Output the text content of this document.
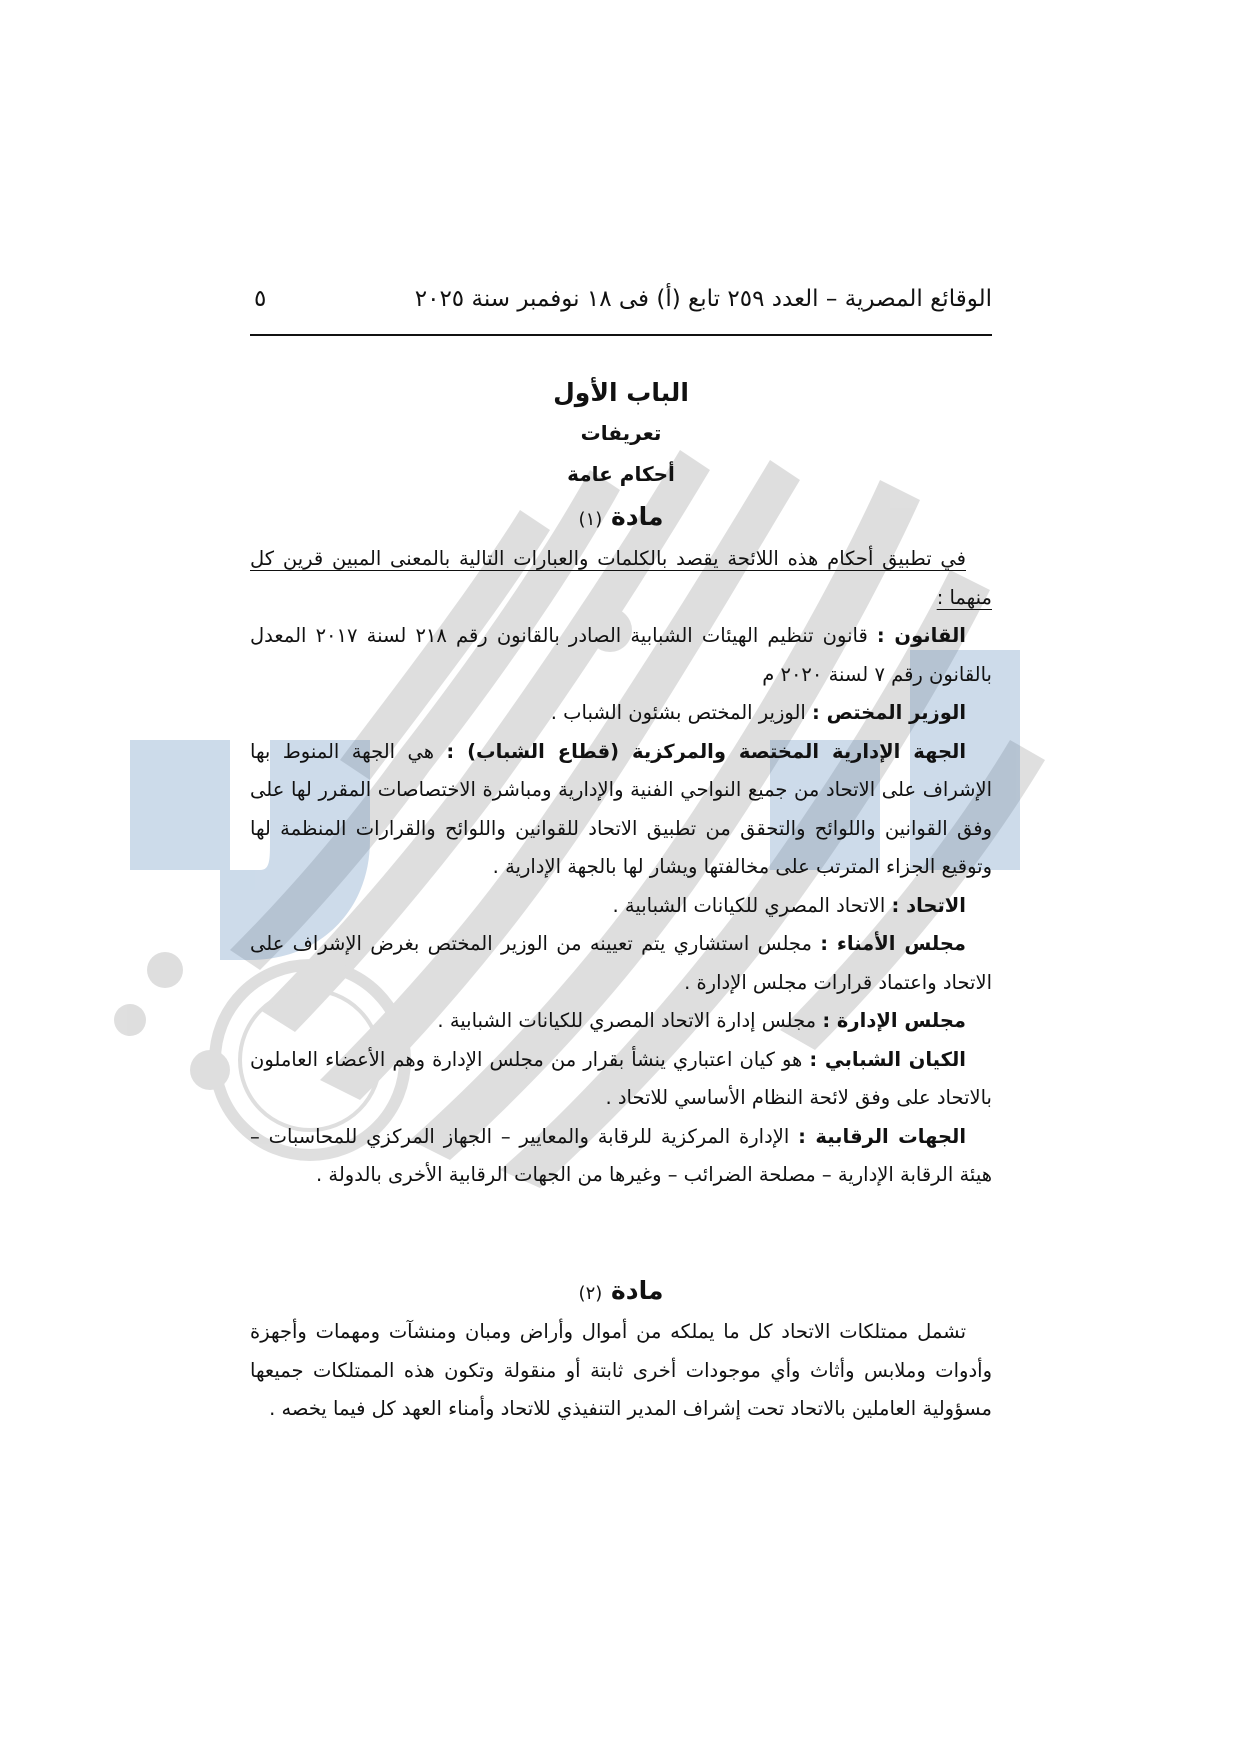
الوقائع المصرية – العدد ٢٥٩ تابع (أ) فى ١٨ نوفمبر سنة ٢٠٢٥
٥
الباب الأول
تعريفات
أحكام عامة
مادة (١)

في تطبيق أحكام هذه اللائحة يقصد بالكلمات والعبارات التالية بالمعنى المبين قرين كل منهما :

القانون : قانون تنظيم الهيئات الشبابية الصادر بالقانون رقم ٢١٨ لسنة ٢٠١٧ المعدل بالقانون رقم ٧ لسنة ٢٠٢٠ م

الوزير المختص : الوزير المختص بشئون الشباب .

الجهة الإدارية المختصة والمركزية (قطاع الشباب) : هي الجهة المنوط بها الإشراف على الاتحاد من جميع النواحي الفنية والإدارية ومباشرة الاختصاصات المقرر لها على وفق القوانين واللوائح والتحقق من تطبيق الاتحاد للقوانين واللوائح والقرارات المنظمة لها وتوقيع الجزاء المترتب على مخالفتها ويشار لها بالجهة الإدارية .

الاتحاد : الاتحاد المصري للكيانات الشبابية .

مجلس الأمناء : مجلس استشاري يتم تعيينه من الوزير المختص بغرض الإشراف على الاتحاد واعتماد قرارات مجلس الإدارة .

مجلس الإدارة : مجلس إدارة الاتحاد المصري للكيانات الشبابية .

الكيان الشبابي : هو كيان اعتباري ينشأ بقرار من مجلس الإدارة وهم الأعضاء العاملون بالاتحاد على وفق لائحة النظام الأساسي للاتحاد .

الجهات الرقابية : الإدارة المركزية للرقابة والمعايير – الجهاز المركزي للمحاسبات – هيئة الرقابة الإدارية – مصلحة الضرائب – وغيرها من الجهات الرقابية الأخرى بالدولة .

مادة (٢)

تشمل ممتلكات الاتحاد كل ما يملكه من أموال وأراض ومبان ومنشآت ومهمات وأجهزة وأدوات وملابس وأثاث وأي موجودات أخرى ثابتة أو منقولة وتكون هذه الممتلكات جميعها مسؤولية العاملين بالاتحاد تحت إشراف المدير التنفيذي للاتحاد وأمناء العهد كل فيما يخصه .
